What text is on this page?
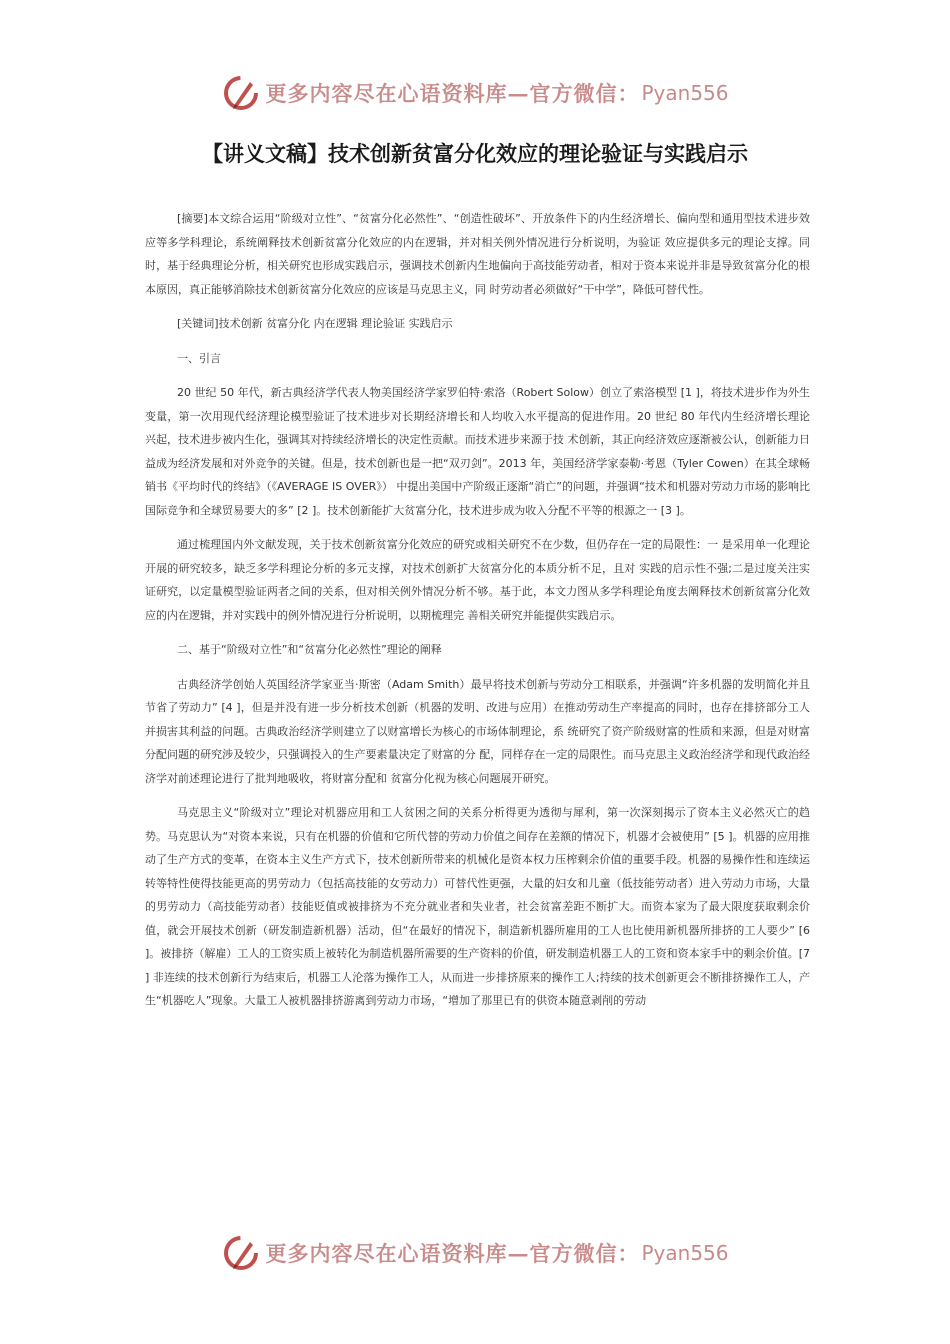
更多内容尽在心语资料库—官方微信： Pyan556
【讲义文稿】技术创新贫富分化效应的理论验证与实践启示

[摘要]本文综合运用“阶级对立性”、“贫富分化必然性”、“创造性破坏”、开放条件下的内生经济增长、偏向型和通用型技术进步效应等多学科理论，系统阐释技术创新贫富分化效应的内在逻辑，并对相关例外情况进行分析说明，为验证 效应提供多元的理论支撑。同时，基于经典理论分析，相关研究也形成实践启示，强调技术创新内生地偏向于高技能劳动者，相对于资本来说并非是导致贫富分化的根本原因，真正能够消除技术创新贫富分化效应的应该是马克思主义，同 时劳动者必须做好“干中学”，降低可替代性。

[关键词]技术创新 贫富分化 内在逻辑 理论验证 实践启示

一、引言

20 世纪 50 年代，新古典经济学代表人物美国经济学家罗伯特·索洛（Robert Solow）创立了索洛模型 [1 ]，将技术进步作为外生变量，第一次用现代经济理论模型验证了技术进步对长期经济增长和人均收入水平提高的促进作用。20 世纪 80 年代内生经济增长理论兴起，技术进步被内生化，强调其对持续经济增长的决定性贡献。而技术进步来源于技 术创新，其正向经济效应逐渐被公认，创新能力日益成为经济发展和对外竞争的关键。但是，技术创新也是一把“双刃剑”。2013 年，美国经济学家泰勒·考恩（Tyler Cowen）在其全球畅销书《平均时代的终结》（《AVERAGE IS OVER》） 中提出美国中产阶级正逐渐“消亡”的问题，并强调“技术和机器对劳动力市场的影响比国际竞争和全球贸易要大的多” [2 ]。技术创新能扩大贫富分化，技术进步成为收入分配不平等的根源之一 [3 ]。

通过梳理国内外文献发现，关于技术创新贫富分化效应的研究或相关研究不在少数，但仍存在一定的局限性：一 是采用单一化理论开展的研究较多，缺乏多学科理论分析的多元支撑，对技术创新扩大贫富分化的本质分析不足，且对 实践的启示性不强;二是过度关注实证研究，以定量模型验证两者之间的关系，但对相关例外情况分析不够。基于此，本文力图从多学科理论角度去阐释技术创新贫富分化效应的内在逻辑，并对实践中的例外情况进行分析说明，以期梳理完 善相关研究并能提供实践启示。

二、基于“阶级对立性”和“贫富分化必然性”理论的阐释

古典经济学创始人英国经济学家亚当·斯密（Adam Smith）最早将技术创新与劳动分工相联系，并强调“许多机器的发明简化并且节省了劳动力” [4 ]，但是并没有进一步分析技术创新（机器的发明、改进与应用）在推动劳动生产率提高的同时，也存在排挤部分工人并损害其利益的问题。古典政治经济学则建立了以财富增长为核心的市场体制理论，系 统研究了资产阶级财富的性质和来源，但是对财富分配问题的研究涉及较少，只强调投入的生产要素量决定了财富的分 配，同样存在一定的局限性。而马克思主义政治经济学和现代政治经济学对前述理论进行了批判地吸收，将财富分配和 贫富分化视为核心问题展开研究。

马克思主义“阶级对立”理论对机器应用和工人贫困之间的关系分析得更为透彻与犀利，第一次深刻揭示了资本主义必然灭亡的趋势。马克思认为“对资本来说，只有在机器的价值和它所代替的劳动力价值之间存在差额的情况下，机器才会被使用” [5 ]。机器的应用推动了生产方式的变革，在资本主义生产方式下，技术创新所带来的机械化是资本权力压榨剩余价值的重要手段。机器的易操作性和连续运转等特性使得技能更高的男劳动力（包括高技能的女劳动力）可替代性更强，大量的妇女和儿童（低技能劳动者）进入劳动力市场，大量的男劳动力（高技能劳动者）技能贬值或被排挤为不充分就业者和失业者，社会贫富差距不断扩大。而资本家为了最大限度获取剩余价值，就会开展技术创新（研发制造新机器）活动，但“在最好的情况下，制造新机器所雇用的工人也比使用新机器所排挤的工人要少” [6 ]。被排挤（解雇）工人的工资实质上被转化为制造机器所需要的生产资料的价值，研发制造机器工人的工资和资本家手中的剩余价值。[7 ] 非连续的技术创新行为结束后，机器工人沦落为操作工人，从而进一步排挤原来的操作工人;持续的技术创新更会不断排挤操作工人，产生“机器吃人”现象。大量工人被机器排挤游离到劳动力市场，“增加了那里已有的供资本随意剥削的劳动

更多内容尽在心语资料库—官方微信： Pyan556
